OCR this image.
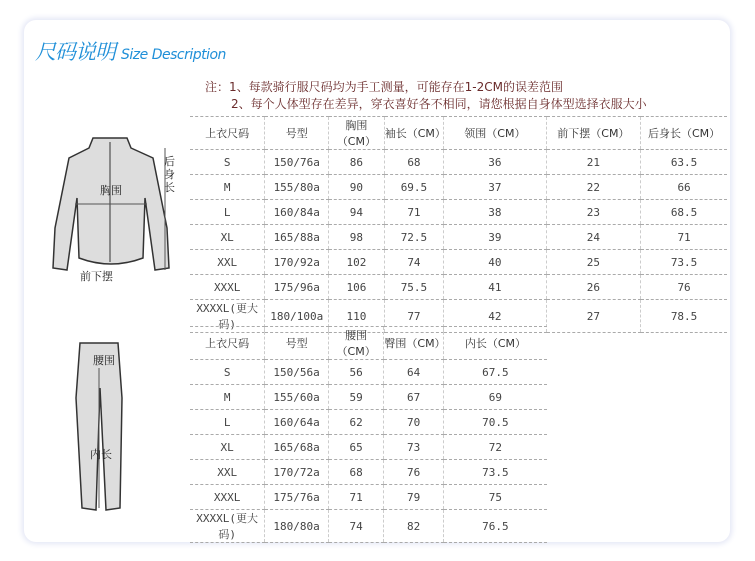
尺码说明 Size Description
注：1、每款骑行服尺码均为手工测量，可能存在1-2CM的误差范围
2、每个人体型存在差异，穿衣喜好各不相同，请您根据自身体型选择衣服大小
胸围
前下摆
后身长
腰围
内长
上衣尺码	号型	胸围（CM）	袖长（CM）	领围（CM）	前下摆（CM）	后身长（CM）
S	150/76a	86	68	36	21	63.5
M	155/80a	90	69.5	37	22	66
L	160/84a	94	71	38	23	68.5
XL	165/88a	98	72.5	39	24	71
XXL	170/92a	102	74	40	25	73.5
XXXL	175/96a	106	75.5	41	26	76
XXXXL(更大码)	180/100a	110	77	42	27	78.5
上衣尺码	号型	腰围（CM）	臀围（CM）	内长（CM）
S	150/56a	56	64	67.5
M	155/60a	59	67	69
L	160/64a	62	70	70.5
XL	165/68a	65	73	72
XXL	170/72a	68	76	73.5
XXXL	175/76a	71	79	75
XXXXL(更大码)	180/80a	74	82	76.5
